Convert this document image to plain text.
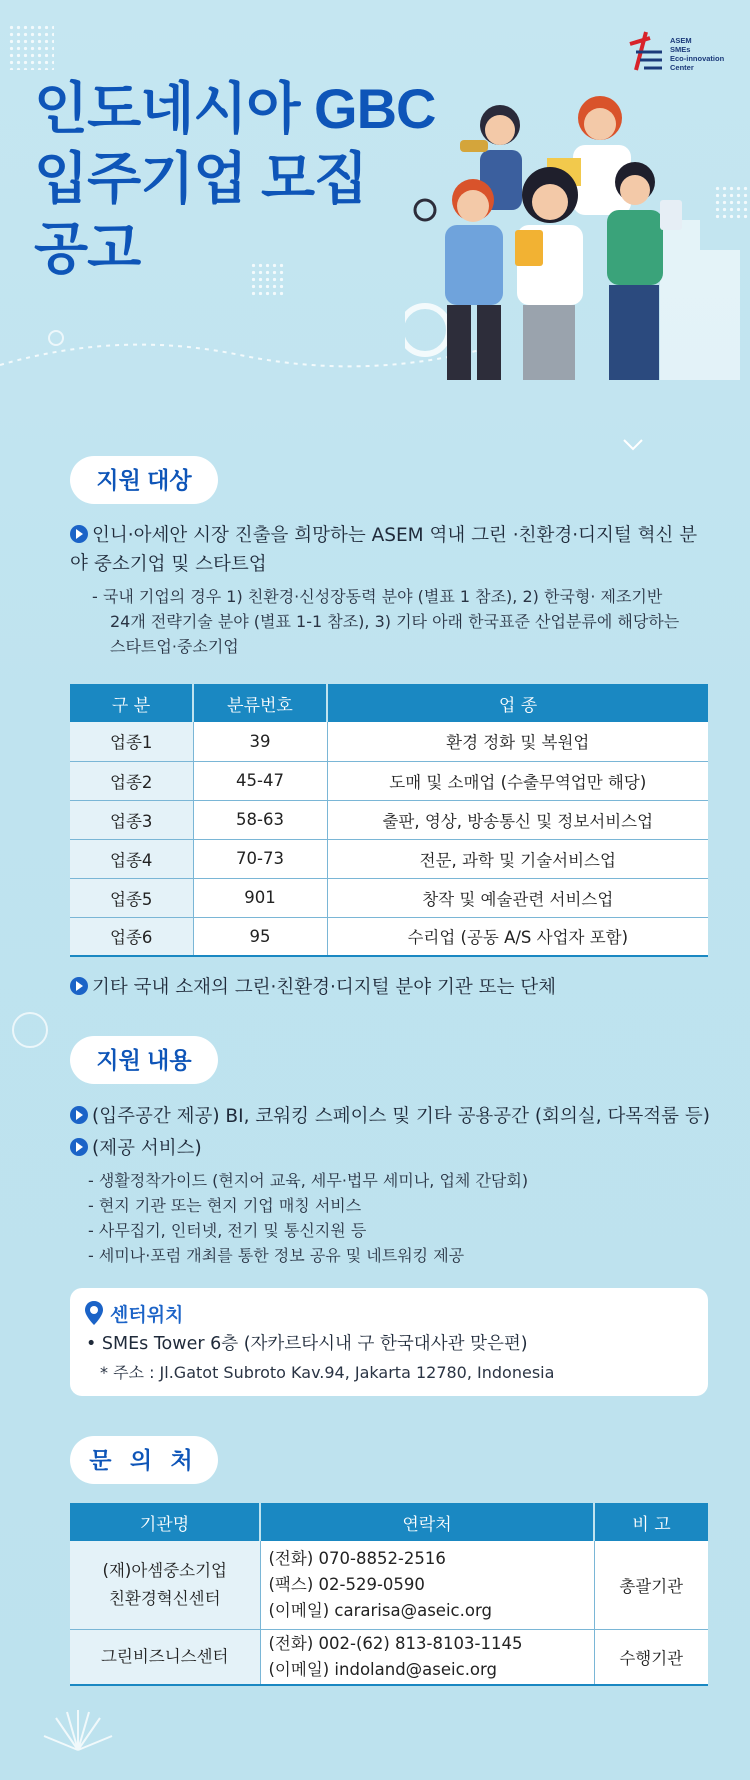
ASEM
SMEs
Eco-innovation
Center
인도네시아 GBC
입주기업 모집
공고
지원 대상
인니·아세안 시장 진출을 희망하는 ASEM 역내 그린 ·친환경·디지털 혁신 분야 중소기업 및 스타트업
- 국내 기업의 경우 1) 친환경·신성장동력 분야 (별표 1 참조), 2) 한국형· 제조기반
24개 전략기술 분야 (별표 1-1 참조), 3) 기타 아래 한국표준 산업분류에 해당하는
스타트업·중소기업
구 분	분류번호	업 종
업종1	39	환경 정화 및 복원업
업종2	45-47	도매 및 소매업 (수출무역업만 해당)
업종3	58-63	출판, 영상, 방송통신 및 정보서비스업
업종4	70-73	전문, 과학 및 기술서비스업
업종5	901	창작 및 예술관련 서비스업
업종6	95	수리업 (공동 A/S 사업자 포함)
기타 국내 소재의 그린·친환경·디지털 분야 기관 또는 단체
지원 내용
(입주공간 제공) BI, 코워킹 스페이스 및 기타 공용공간 (회의실, 다목적룸 등)
(제공 서비스)
- 생활정착가이드 (현지어 교육, 세무·법무 세미나, 업체 간담회)
- 현지 기관 또는 현지 기업 매칭 서비스
- 사무집기, 인터넷, 전기 및 통신지원 등
- 세미나·포럼 개최를 통한 정보 공유 및 네트워킹 제공
센터위치
• SMEs Tower 6층 (자카르타시내 구 한국대사관 맞은편)
* 주소 : Jl.Gatot Subroto Kav.94, Jakarta 12780, Indonesia
문 의 처
기관명	연락처	비 고

(재)아셈중소기업
친환경혁신센터	(전화) 070-8852-2516
(팩스) 02-529-0590
(이메일) cararisa@aseic.org	총괄기관

그린비즈니스센터	(전화) 002-(62) 813-8103-1145
(이메일) indoland@aseic.org	수행기관
